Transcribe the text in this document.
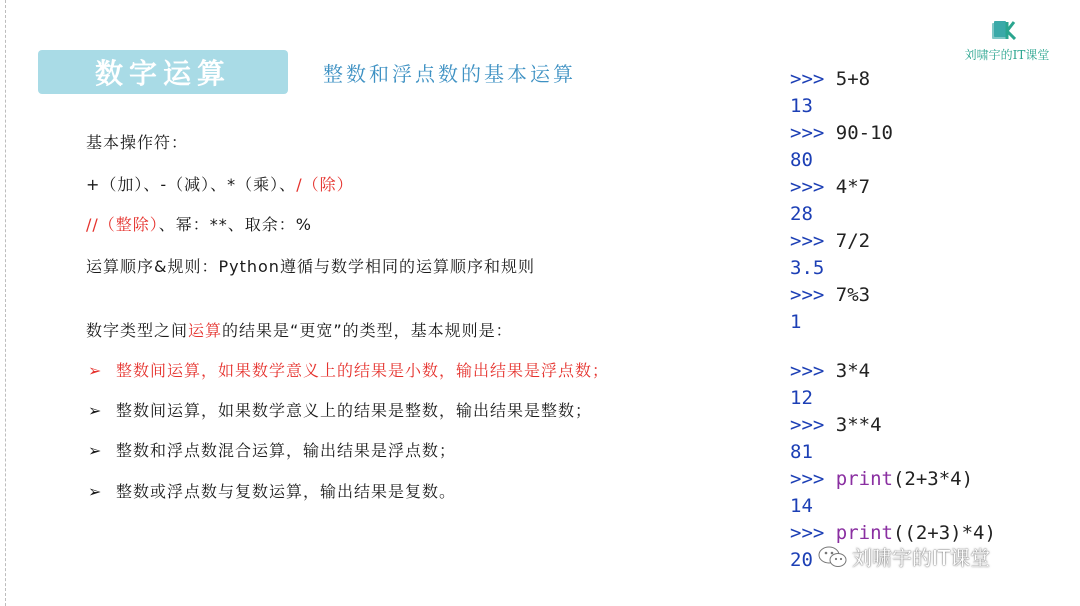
数字运算	整数和浮点数的基本运算
刘啸宇的IT课堂
基本操作符：
+（加）、-（减）、*（乘）、/（除）
//（整除）、幂：**、取余：%
运算顺序&规则：Python遵循与数学相同的运算顺序和规则
数字类型之间运算的结果是“更宽”的类型，基本规则是：
➢ 整数间运算，如果数学意义上的结果是小数，输出结果是浮点数；
➢ 整数间运算，如果数学意义上的结果是整数，输出结果是整数；
➢ 整数和浮点数混合运算，输出结果是浮点数；
➢ 整数或浮点数与复数运算，输出结果是复数。
>>> 5+8
13
>>> 90-10
80
>>> 4*7
28
>>> 7/2
3.5
>>> 7%3
1
>>> 3*4
12
>>> 3**4
81
>>> print(2+3*4)
14
>>> print((2+3)*4)
20 刘啸宇的IT课堂
